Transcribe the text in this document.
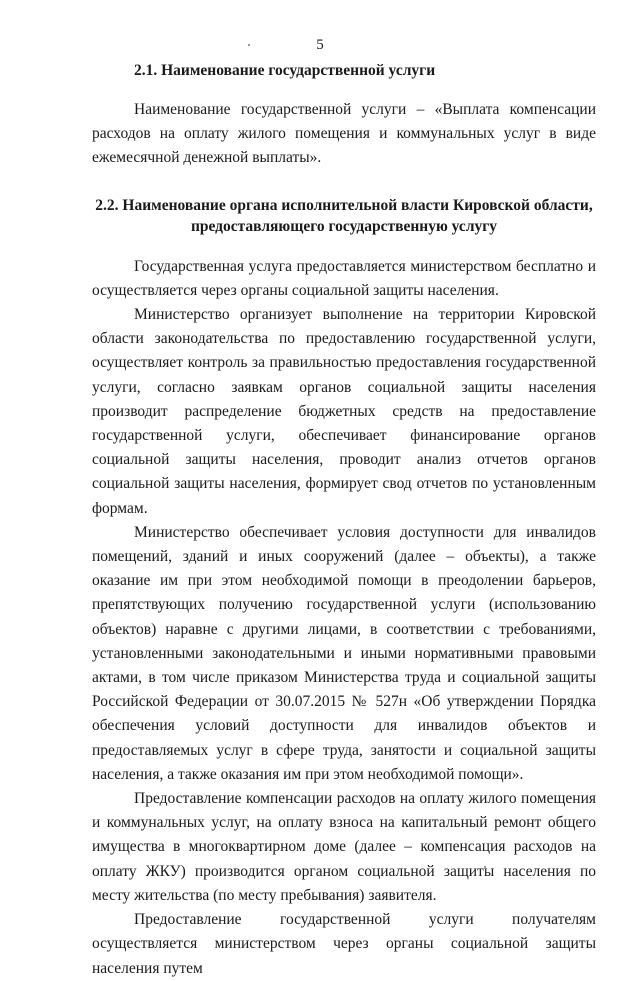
5
2.1. Наименование государственной услуги

Наименование государственной услуги – «Выплата компенсации расходов на оплату жилого помещения и коммунальных услуг в виде ежемесячной денежной выплаты».

2.2. Наименование органа исполнительной власти Кировской области, предоставляющего государственную услугу

Государственная услуга предоставляется министерством бесплатно и осуществляется через органы социальной защиты населения.

Министерство организует выполнение на территории Кировской области законодательства по предоставлению государственной услуги, осуществляет контроль за правильностью предоставления государственной услуги, согласно заявкам органов социальной защиты населения производит распределение бюджетных средств на предоставление государственной услуги, обеспечивает финансирование органов социальной защиты населения, проводит анализ отчетов органов социальной защиты населения, формирует свод отчетов по установленным формам.

Министерство обеспечивает условия доступности для инвалидов помещений, зданий и иных сооружений (далее – объекты), а также оказание им при этом необходимой помощи в преодолении барьеров, препятствующих получению государственной услуги (использованию объектов) наравне с другими лицами, в соответствии с требованиями, установленными законодательными и иными нормативными правовыми актами, в том числе приказом Министерства труда и социальной защиты Российской Федерации от 30.07.2015 № 527н «Об утверждении Порядка обеспечения условий доступности для инвалидов объектов и предоставляемых услуг в сфере труда, занятости и социальной защиты населения, а также оказания им при этом необходимой помощи».

Предоставление компенсации расходов на оплату жилого помещения и коммунальных услуг, на оплату взноса на капитальный ремонт общего имущества в многоквартирном доме (далее – компенсация расходов на оплату ЖКУ) производится органом социальной защиты населения по месту жительства (по месту пребывания) заявителя.

Предоставление государственной услуги получателям осуществляется министерством через органы социальной защиты населения путем
